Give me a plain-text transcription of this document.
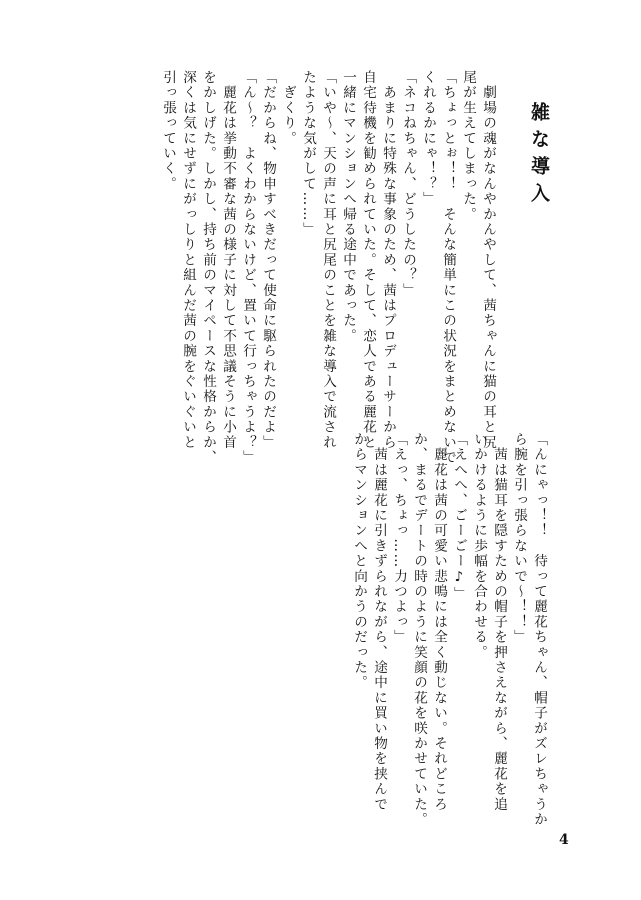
雑な導入
　劇場の魂がなんやかんやして、茜ちゃんに猫の耳と尻
尾が生えてしまった。
「ちょっとぉ！！　そんな簡単にこの状況をまとめないで
くれるかにゃ！？」
「ネコねちゃん、どうしたの？」
　あまりに特殊な事象のため、茜はプロデューサーから
自宅待機を勧められていた。そして、恋人である麗花と
一緒にマンションへ帰る途中であった。
「いや〜、天の声に耳と尻尾のことを雑な導入で流され
たような気がして……」
　ぎくり。
「だからね、物申すべきだって使命に駆られたのだよ」
「ん〜？　よくわからないけど、置いて行っちゃうよ？」
　麗花は挙動不審な茜の様子に対して不思議そうに小首
をかしげた。しかし、持ち前のマイペースな性格からか、
深くは気にせずにがっしりと組んだ茜の腕をぐいぐいと
引っ張っていく。
「んにゃっ！！　待って麗花ちゃん、帽子がズレちゃうか
ら腕を引っ張らないで〜！！」
　茜は猫耳を隠すための帽子を押さえながら、麗花を追
いかけるように歩幅を合わせる。
「えへへ、ごーごー♪」
　麗花は茜の可愛い悲鳴には全く動じない。それどころ
か、まるでデートの時のように笑顔の花を咲かせていた。
「えっ、ちょっ……力つよっ」
　茜は麗花に引きずられながら、途中に買い物を挟んで
からマンションへと向かうのだった。
4
